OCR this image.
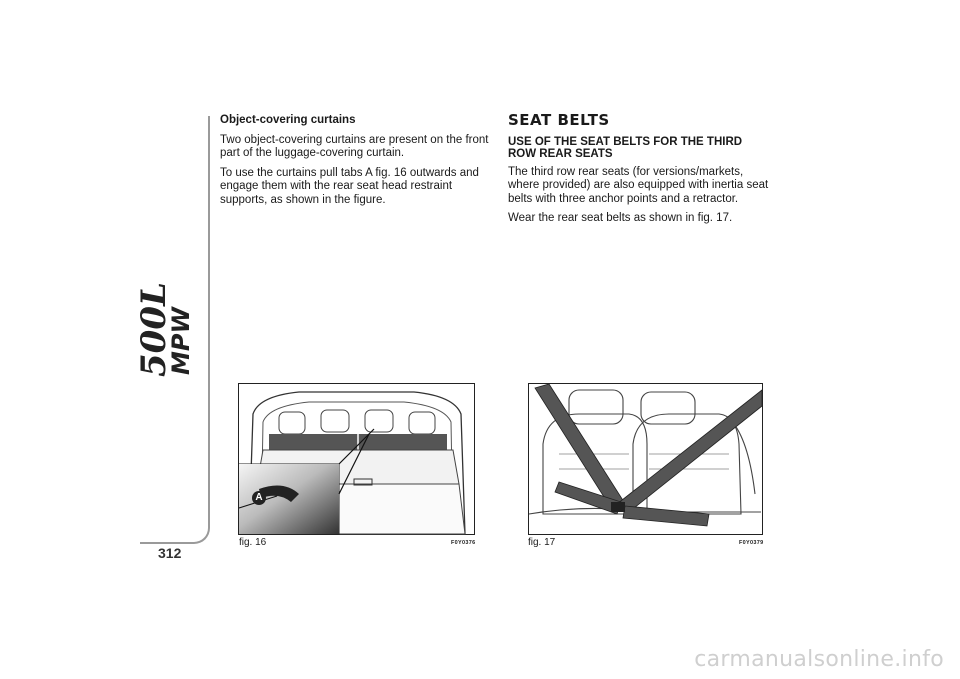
500L
MPW
312
Object-covering curtains

Two object-covering curtains are present on the front part of the luggage-covering curtain.

To use the curtains pull tabs A fig. 16 outwards and engage them with the rear seat head restraint supports, as shown in the figure.

SEAT BELTS
USE OF THE SEAT BELTS FOR THE THIRD ROW REAR SEATS

The third row rear seats (for versions/markets, where provided) are also equipped with inertia seat belts with three anchor points and a retractor.

Wear the rear seat belts as shown in fig. 17.

A
fig. 16	F0Y0376	fig. 17	F0Y0379
carmanualsonline.info
